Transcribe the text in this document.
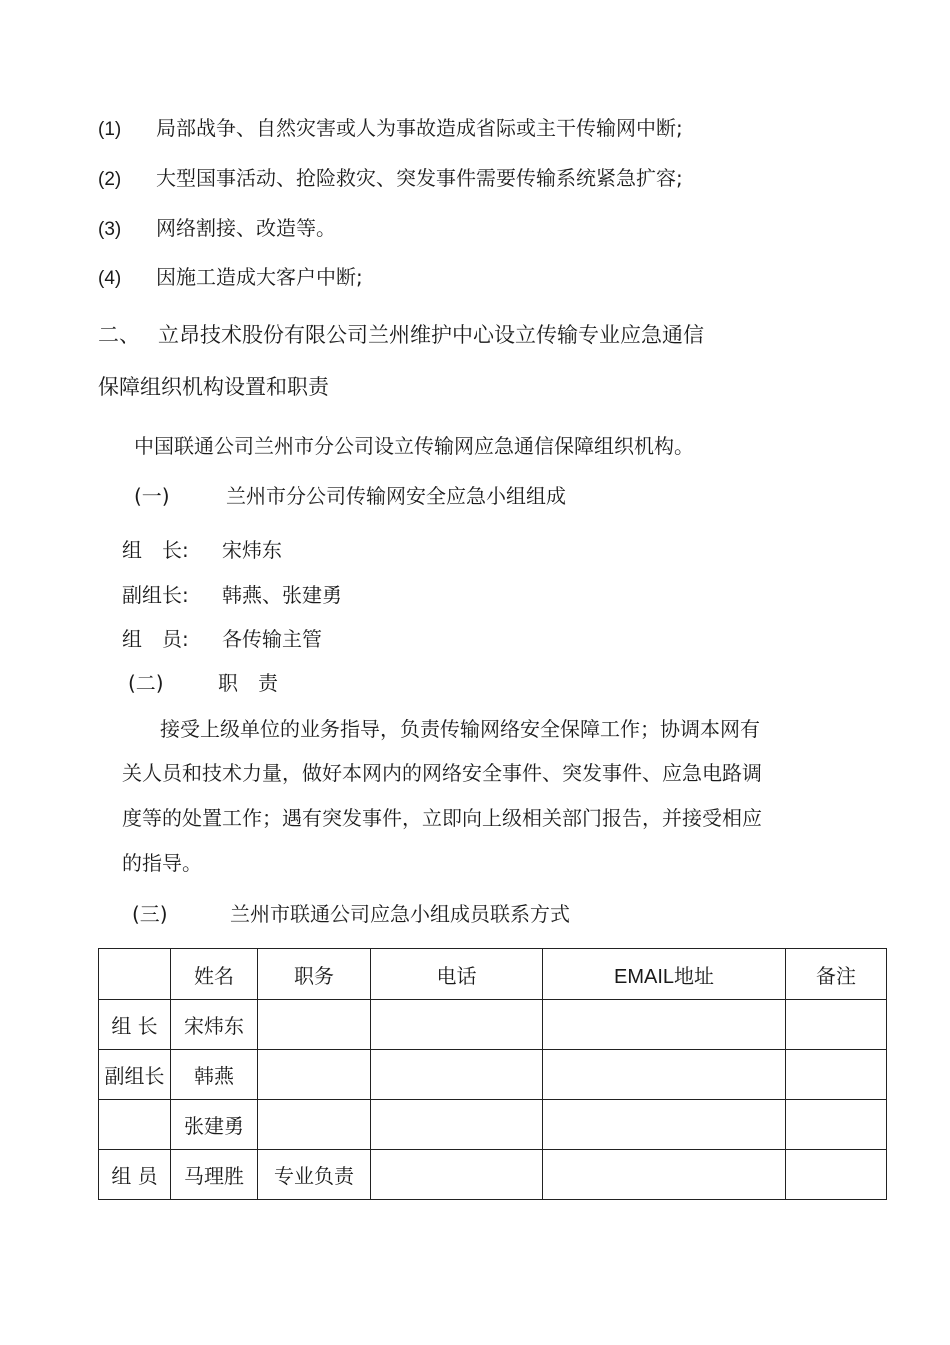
(1) 局部战争、自然灾害或人为事故造成省际或主干传输网中断;
(2) 大型国事活动、抢险救灾、突发事件需要传输系统紧急扩容;
(3) 网络割接、改造等。
(4) 因施工造成大客户中断;
二、 立昂技术股份有限公司兰州维护中心设立传输专业应急通信
保障组织机构设置和职责
中国联通公司兰州市分公司设立传输网应急通信保障组织机构。
(一)	兰州市分公司传输网安全应急小组组成
组　长: 宋炜东
副组长: 韩燕、张建勇
组　员: 各传输主管
(二)	职　责
接受上级单位的业务指导，负责传输网络安全保障工作；协调本网有
关人员和技术力量，做好本网内的网络安全事件、突发事件、应急电路调
度等的处置工作；遇有突发事件，立即向上级相关部门报告，并接受相应
的指导。
(三)	兰州市联通公司应急小组成员联系方式
	姓名	职务	电话	EMAIL地址	备注
组 长	宋炜东				
副组长	韩燕				
	张建勇				
组 员	马理胜	专业负责			
